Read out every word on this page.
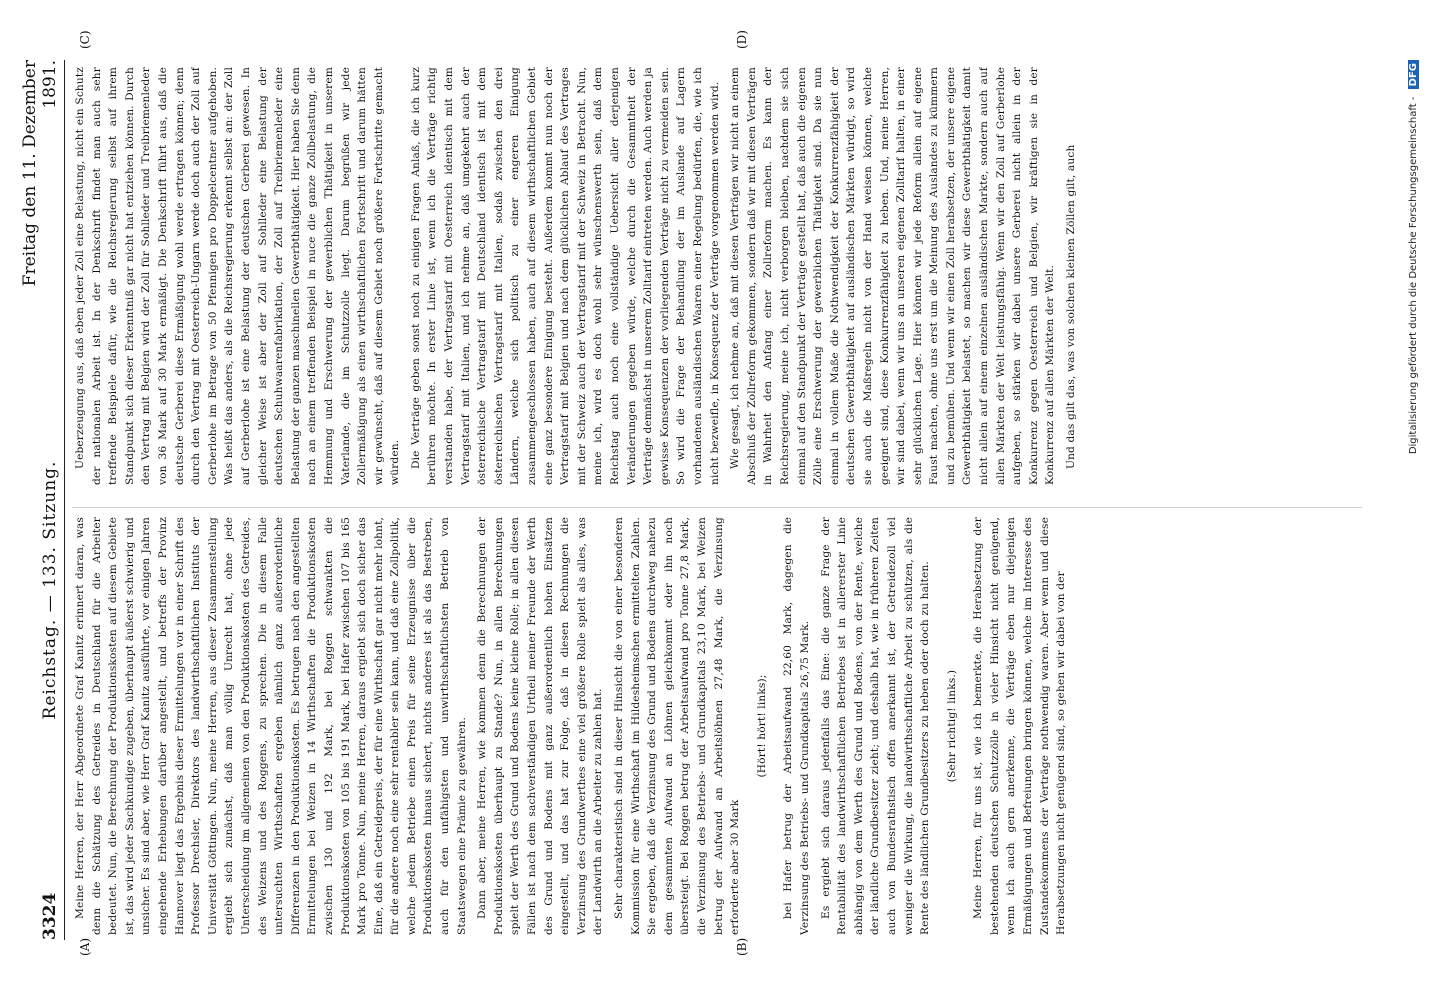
3324
Reichstag. — 133. Sitzung.
Freitag den 11. Dezember 1891.
(A)	(B)
(C)	(D)

Meine Herren, der Herr Abgeordnete Graf Kanitz erinnert daran, was denn die Schätzung des Getreides in Deutschland für die Arbeiter bedeutet. Nun, die Berechnung der Produktionskosten auf diesem Gebiete ist, das wird jeder Sachkundige zugeben, überhaupt äußerst schwierig und unsicher. Es sind aber, wie Herr Graf Kanitz ausführte, vor einigen Jahren eingehende Erhebungen darüber angestellt, und betreffs der Provinz Hannover liegt das Ergebnis dieser Ermittelungen vor in einer Schrift des Professor Drechsler, Direktors des landwirthschaftlichen Instituts der Universität Göttingen. Nun, meine Herren, aus dieser Zusammenstellung ergiebt sich zunächst, daß man völlig Unrecht hat, ohne jede Unterscheidung im allgemeinen von den Produktionskosten des Getreides, des Weizens und des Roggens, zu sprechen. Die in diesem Falle untersuchten Wirthschaften ergeben nämlich ganz außerordentliche Differenzen in den Produktionskosten. Es betrugen nach den angestellten Ermittelungen bei Weizen in 14 Wirthschaften die Produktionskosten zwischen 130 und 192 Mark, bei Roggen schwankten die Produktionskosten von 105 bis 191 Mark, bei Hafer zwischen 107 bis 165 Mark pro Tonne. Nun, meine Herren, daraus ergiebt sich doch sicher das Eine, daß ein Getreidepreis, der für eine Wirthschaft gar nicht mehr lohnt, für die andere noch eine sehr rentabler sein kann, und daß eine Zollpolitik, welche jedem Betriebe einen Preis für seine Erzeugnisse über die Produktionskosten hinaus sichert, nichts anderes ist als das Bestreben, auch für den unfähigsten und unwirthschaftlichsten Betrieb von Staatswegen eine Prämie zu gewähren. Dann aber, meine Herren, wie kommen denn die Berechnungen der Produktionskosten überhaupt zu Stande? Nun, in allen Berechnungen spielt der Werth des Grund und Bodens keine kleine Rolle; in allen diesen Fällen ist nach dem sachverständigen Urtheil meiner Freunde der Werth des Grund und Bodens mit ganz außerordentlich hohen Einsätzen eingestellt, und das hat zur Folge, daß in diesen Rechnungen die Verzinsung des Grundwerthes eine viel größere Rolle spielt als alles, was der Landwirth an die Arbeiter zu zahlen hat. Sehr charakteristisch sind in dieser Hinsicht die von einer besonderen Kommission für eine Wirthschaft im Hildesheimschen ermittelten Zahlen. Sie ergeben, daß die Verzinsung des Grund und Bodens durchweg nahezu dem gesammten Aufwand an Löhnen gleichkommt oder ihn noch übersteigt. Bei Roggen betrug der Arbeitsaufwand pro Tonne 27,8 Mark, die Verzinsung des Betriebs- und Grundkapitals 23,10 Mark, bei Weizen betrug der Aufwand an Arbeitslöhnen 27,48 Mark, die Verzinsung erforderte aber 30 Mark

(Hört! hört! links); bei Hafer betrug der Arbeitsaufwand 22,60 Mark, dagegen die Verzinsung des Betriebs- und Grundkapitals 26,75 Mark. Es ergiebt sich daraus jedenfalls das Eine: die ganze Frage der Rentabilität des landwirthschaftlichen Betriebes ist in allererster Linie abhängig von dem Werth des Grund und Bodens, von der Rente, welche der ländliche Grundbesitzer zieht; und deshalb hat, wie in früheren Zeiten auch von Bundesrathstisch offen anerkannt ist, der Getreidezoll viel weniger die Wirkung, die landwirthschaftliche Arbeit zu schützen, als die Rente des ländlichen Grundbesitzers zu heben oder doch zu halten. (Sehr richtig! links.) Meine Herren, für uns ist, wie ich bemerkte, die Herabsetzung der bestehenden deutschen Schutzzölle in vieler Hinsicht nicht genügend, wenn ich auch gern anerkenne, die Verträge eben nur diejenigen Ermäßigungen und Befreiungen bringen können, welche im Interesse des Zustandekommens der Verträge nothwendig waren. Aber wenn und diese Herabsetzungen nicht genügend sind, so gehen wir dabei von der

Ueberzeugung aus, daß eben jeder Zoll eine Belastung, nicht ein Schutz der nationalen Arbeit ist. In der Denkschrift findet man auch sehr treffende Beispiele dafür, wie die Reichsregierung selbst auf ihrem Standpunkt sich dieser Erkenntniß gar nicht hat entziehen können. Durch den Vertrag mit Belgien wird der Zoll für Sohlleder und Treibriemenleder von 36 Mark auf 30 Mark ermäßigt. Die Denkschrift führt aus, daß die deutsche Gerberei diese Ermäßigung wohl werde ertragen können; denn durch den Vertrag mit Oesterreich-Ungarn werde doch auch der Zoll auf Gerberlohe im Betrage von 50 Pfennigen pro Doppelcentner aufgehoben. Was heißt das anders, als die Reichsregierung erkennt selbst an: der Zoll auf Gerberlohe ist eine Belastung der deutschen Gerberei gewesen. In gleicher Weise ist aber der Zoll auf Sohlleder eine Belastung der deutschen Schuhwaarenfabrikation, der Zoll auf Treibriemenleder eine Belastung der ganzen maschinellen Gewerbthätigkeit. Hier haben Sie denn nach an einem treffenden Beispiel in nuce die ganze Zollbelastung, die Hemmung und Erschwerung der gewerblichen Thätigkeit in unserem Vaterlande, die im Schutzzolle liegt. Darum begrüßen wir jede Zollermäßigung als einen wirthschaftlichen Fortschritt und darum hätten wir gewünscht, daß auf diesem Gebiet noch größere Fortschritte gemacht würden. Die Verträge geben sonst noch zu einigen Fragen Anlaß, die ich kurz berühren möchte. In erster Linie ist, wenn ich die Verträge richtig verstanden habe, der Vertragstarif mit Oesterreich identisch mit dem Vertragstarif mit Italien, und ich nehme an, daß umgekehrt auch der österreichische Vertragstarif mit Deutschland identisch ist mit dem österreichischen Vertragstarif mit Italien, sodaß zwischen den drei Ländern, welche sich politisch zu einer engeren Einigung zusammengeschlossen haben, auch auf diesem wirthschaftlichen Gebiet eine ganz besondere Einigung besteht. Außerdem kommt nun noch der Vertragstarif mit Belgien und nach dem glücklichen Ablauf des Vertrages mit der Schweiz auch der Vertragstarif mit der Schweiz in Betracht. Nun, meine ich, wird es doch wohl sehr wünschenswerth sein, daß dem Reichstag auch noch eine vollständige Uebersicht aller derjenigen Veränderungen gegeben würde, welche durch die Gesammtheit der Verträge demnächst in unserem Zolltarif eintreten werden. Auch werden ja gewisse Konsequenzen der vorliegenden Verträge nicht zu vermeiden sein. So wird die Frage der Behandlung der im Auslande auf Lagern vorhandenen ausländischen Waaren einer Regelung bedürfen, die, wie ich nicht bezweifle, in Konsequenz der Verträge vorgenommen werden wird. Wie gesagt, ich nehme an, daß mit diesen Verträgen wir nicht an einem Abschluß der Zollreform gekommen, sondern daß wir mit diesen Verträgen in Wahrheit den Anfang einer Zollreform machen. Es kann der Reichsregierung, meine ich, nicht verborgen bleiben, nachdem sie sich einmal auf den Standpunkt der Verträge gestellt hat, daß auch die eigenen Zölle eine Erschwerung der gewerblichen Thätigkeit sind. Da sie nun einmal in vollem Maße die Nothwendigkeit der Konkurrenzfähigkeit der deutschen Gewerbthätigkeit auf ausländischen Märkten würdigt, so wird sie auch die Maßregeln nicht von der Hand weisen können, welche geeignet sind, diese Konkurrenzfähigkeit zu heben. Und, meine Herren, wir sind dabei, wenn wir uns an unseren eigenen Zolltarif halten, in einer sehr glücklichen Lage. Hier können wir jede Reform allein auf eigene Faust machen, ohne uns erst um die Meinung des Auslandes zu kümmern und zu bemühen. Und wenn wir einen Zoll herabsetzen, der unsere eigene Gewerbthätigkeit belastet, so machen wir diese Gewerbthätigkeit damit nicht allein auf einem einzelnen ausländischen Markte, sondern auch auf allen Märkten der Welt leistungsfähig. Wenn wir den Zoll auf Gerberlohe aufgeben, so stärken wir dabei unsere Gerberei nicht allein in der Konkurrenz gegen Oesterreich und Belgien, wir kräftigen sie in der Konkurrenz auf allen Märkten der Welt. Und das gilt das, was von solchen kleinen Zöllen gilt, auch	Digitalisierung gefördert durch die Deutsche Forschungsgemeinschaft - DFG
